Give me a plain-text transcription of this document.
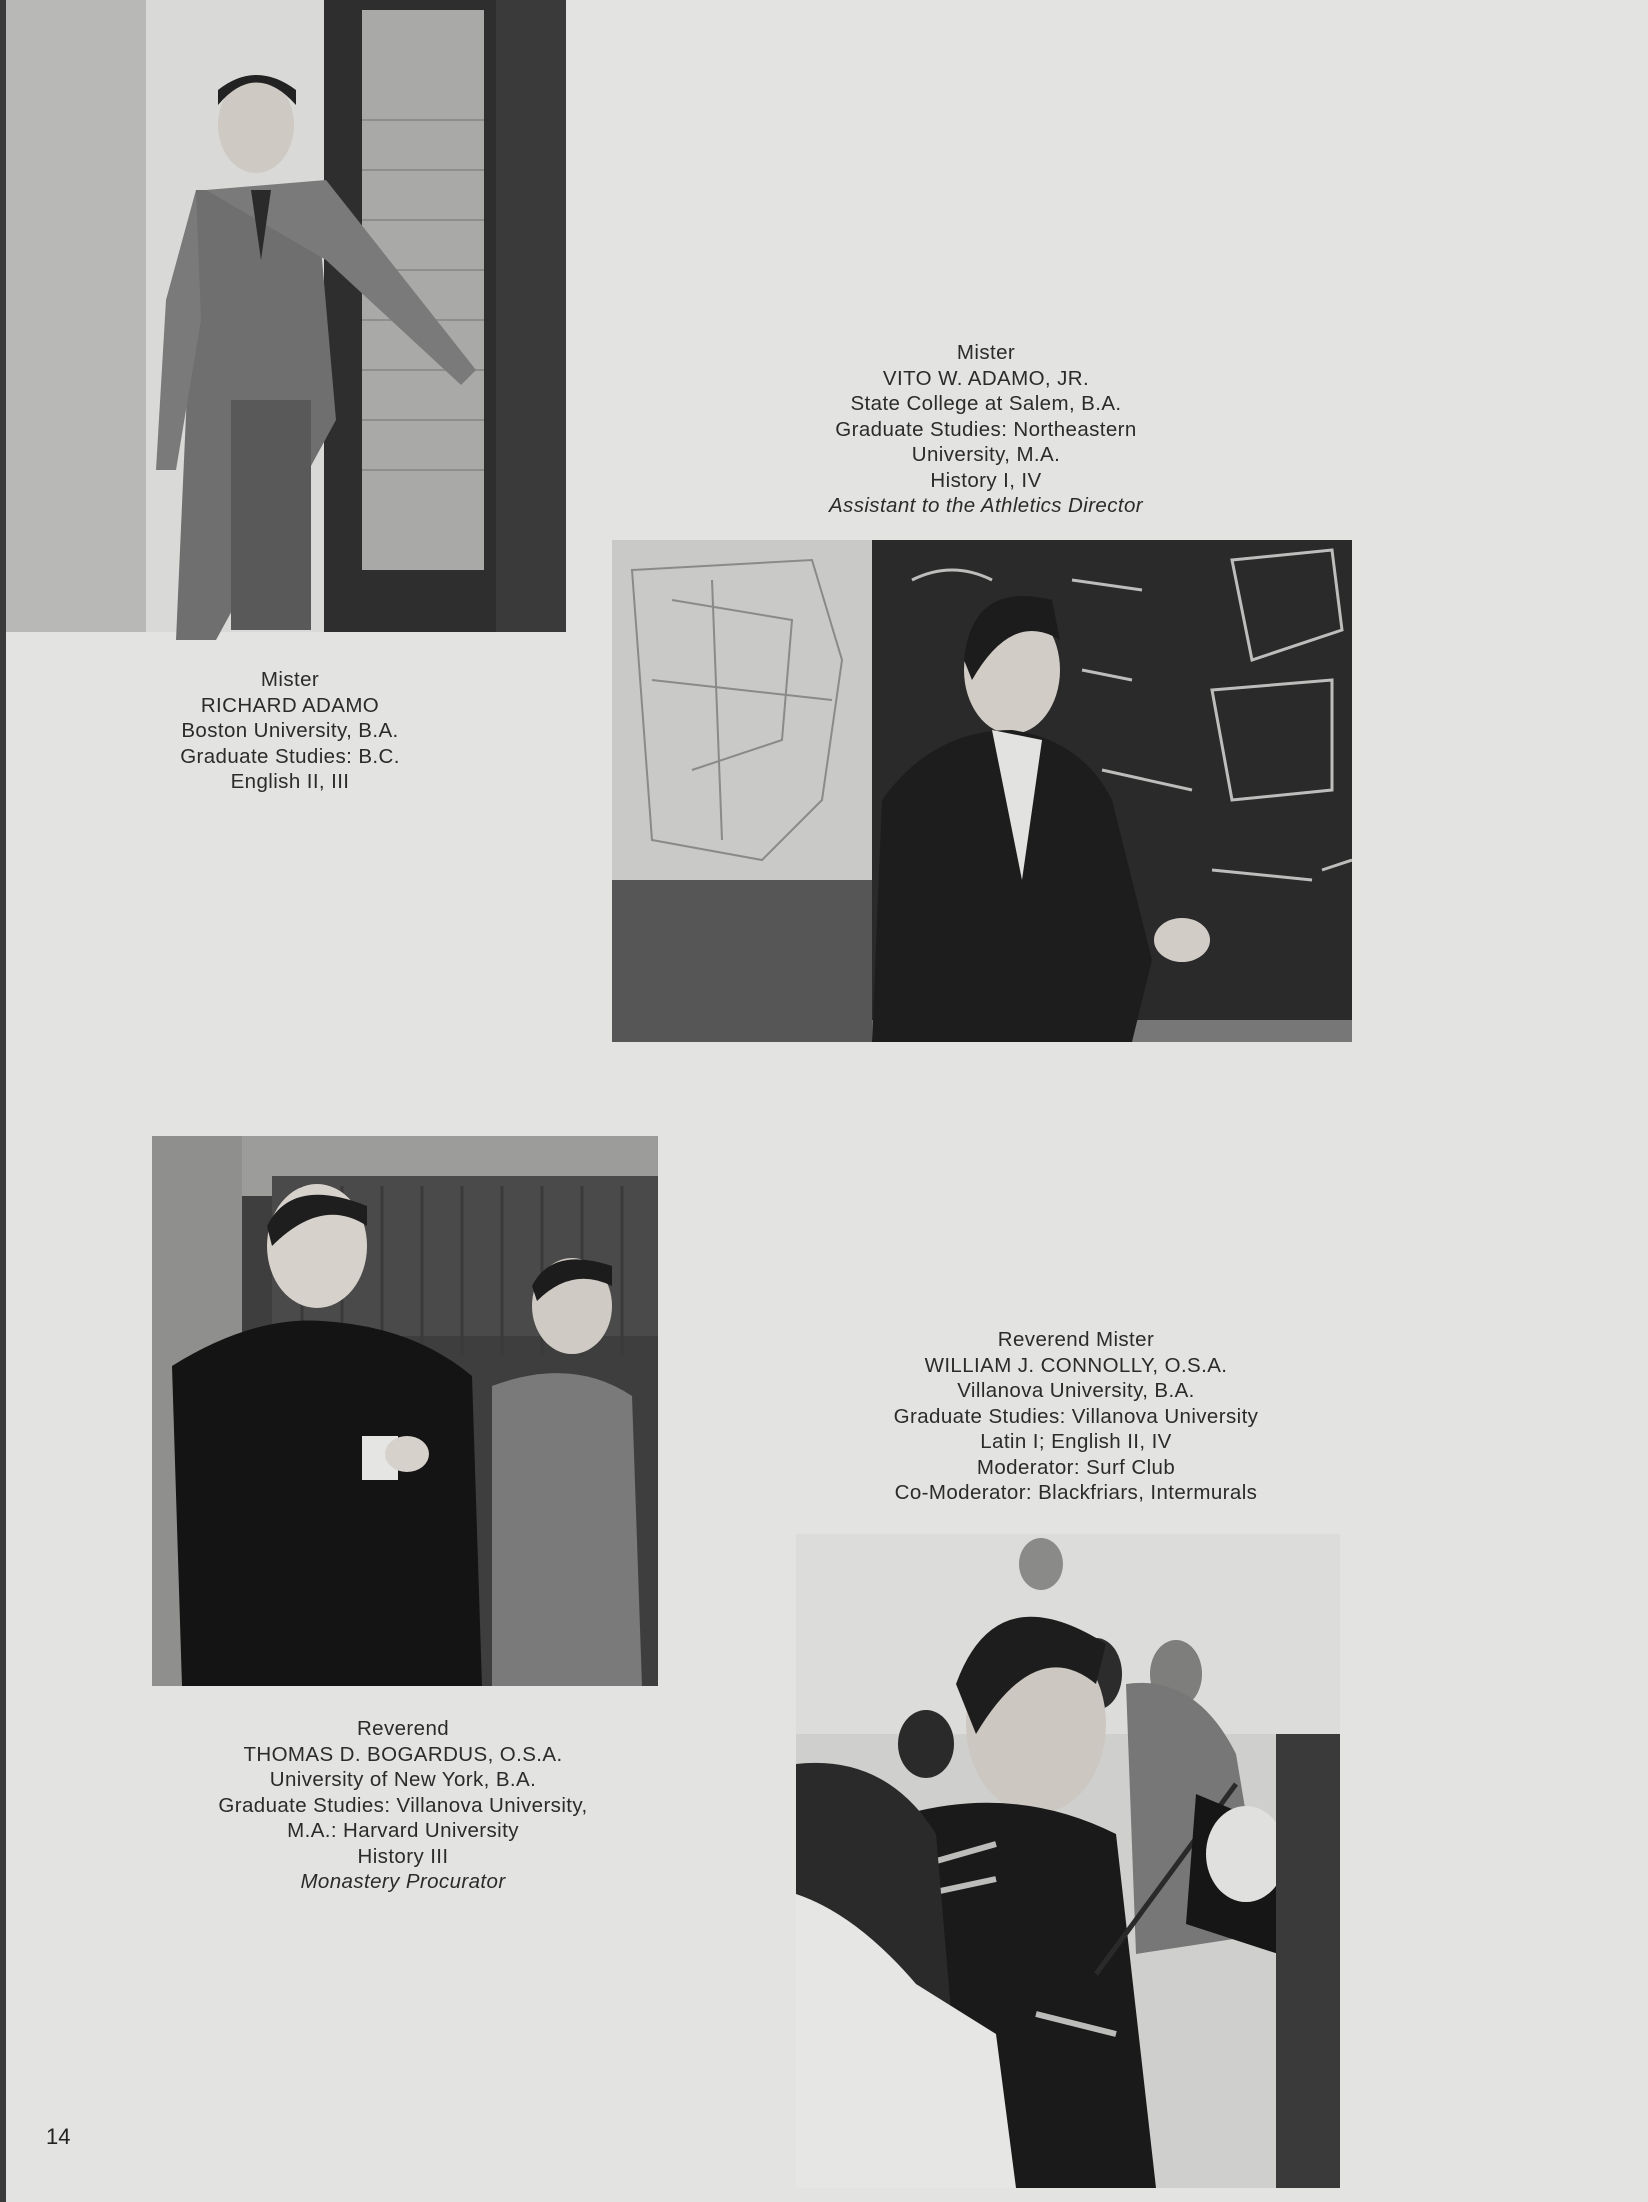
Mister
VITO W. ADAMO, JR.
State College at Salem, B.A.
Graduate Studies: Northeastern
University, M.A.
History I, IV
Assistant to the Athletics Director
Mister
RICHARD ADAMO
Boston University, B.A.
Graduate Studies: B.C.
English II, III
Reverend Mister
WILLIAM J. CONNOLLY, O.S.A.
Villanova University, B.A.
Graduate Studies: Villanova University
Latin I; English II, IV
Moderator: Surf Club
Co-Moderator: Blackfriars, Intermurals
Reverend
THOMAS D. BOGARDUS, O.S.A.
University of New York, B.A.
Graduate Studies: Villanova University,
M.A.: Harvard University
History III
Monastery Procurator
14
